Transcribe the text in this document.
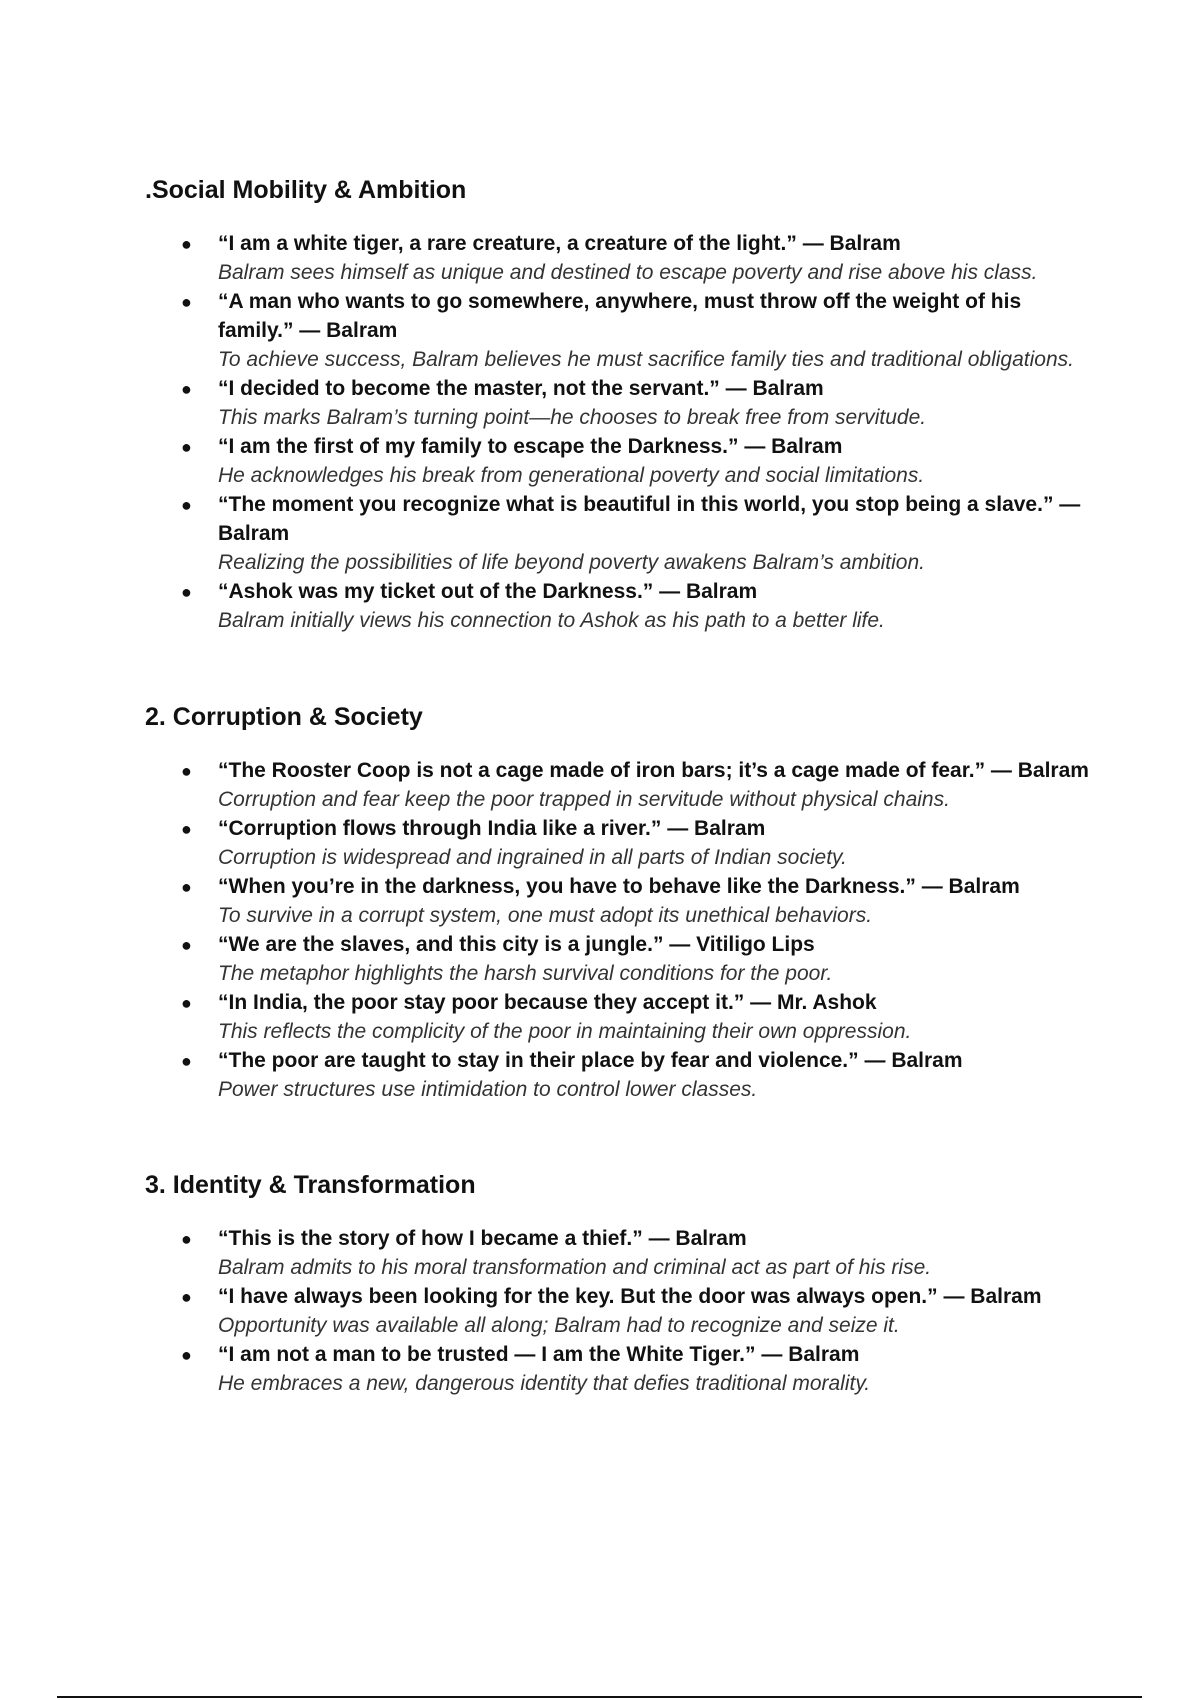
.Social Mobility & Ambition
● “I am a white tiger, a rare creature, a creature of the light.” — Balram
Balram sees himself as unique and destined to escape poverty and rise above his class.
● “A man who wants to go somewhere, anywhere, must throw off the weight of his family.” — Balram
To achieve success, Balram believes he must sacrifice family ties and traditional obligations.
● “I decided to become the master, not the servant.” — Balram
This marks Balram’s turning point—he chooses to break free from servitude.
● “I am the first of my family to escape the Darkness.” — Balram
He acknowledges his break from generational poverty and social limitations.
● “The moment you recognize what is beautiful in this world, you stop being a slave.” — Balram
Realizing the possibilities of life beyond poverty awakens Balram’s ambition.
● “Ashok was my ticket out of the Darkness.” — Balram
Balram initially views his connection to Ashok as his path to a better life.
2. Corruption & Society
● “The Rooster Coop is not a cage made of iron bars; it’s a cage made of fear.” — Balram
Corruption and fear keep the poor trapped in servitude without physical chains.
● “Corruption flows through India like a river.” — Balram
Corruption is widespread and ingrained in all parts of Indian society.
● “When you’re in the darkness, you have to behave like the Darkness.” — Balram
To survive in a corrupt system, one must adopt its unethical behaviors.
● “We are the slaves, and this city is a jungle.” — Vitiligo Lips
The metaphor highlights the harsh survival conditions for the poor.
● “In India, the poor stay poor because they accept it.” — Mr. Ashok
This reflects the complicity of the poor in maintaining their own oppression.
● “The poor are taught to stay in their place by fear and violence.” — Balram
Power structures use intimidation to control lower classes.
3. Identity & Transformation
● “This is the story of how I became a thief.” — Balram
Balram admits to his moral transformation and criminal act as part of his rise.
● “I have always been looking for the key. But the door was always open.” — Balram
Opportunity was available all along; Balram had to recognize and seize it.
● “I am not a man to be trusted — I am the White Tiger.” — Balram
He embraces a new, dangerous identity that defies traditional morality.
